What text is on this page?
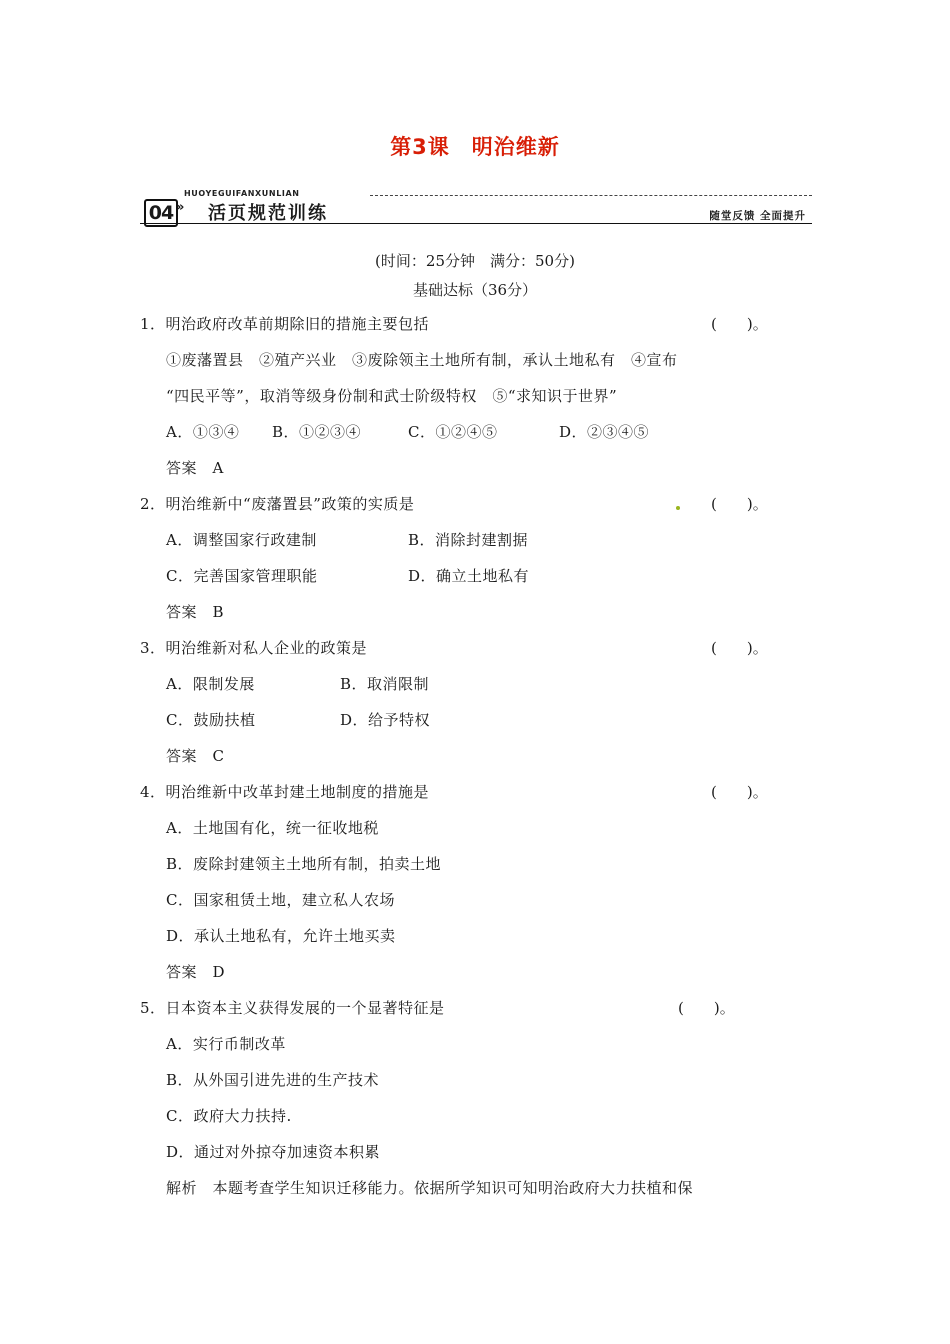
第3课　明治维新
HUOYEGUIFANXUNLIAN
04 » 活页规范训练	随堂反馈 全面提升
(时间：25分钟　满分：50分)
基础达标（36分）
1．明治政府改革前期除旧的措施主要包括	(　　)。
①废藩置县　②殖产兴业　③废除领主土地所有制，承认土地私有　④宣布
“四民平等”，取消等级身份制和武士阶级特权　⑤“求知识于世界”
A．①③④ B．①②③④	C．①②④⑤	D．②③④⑤
答案　A
2．明治维新中“废藩置县”政策的实质是	(　　)。
A．调整国家行政建制	B．消除封建割据
C．完善国家管理职能	D．确立土地私有
答案　B
3．明治维新对私人企业的政策是	(　　)。
A．限制发展	B．取消限制
C．鼓励扶植	D．给予特权
答案　C
4．明治维新中改革封建土地制度的措施是	(　　)。
A．土地国有化，统一征收地税
B．废除封建领主土地所有制，拍卖土地
C．国家租赁土地，建立私人农场
D．承认土地私有，允许土地买卖
答案　D
5．日本资本主义获得发展的一个显著特征是	(　　)。
A．实行币制改革
B．从外国引进先进的生产技术
C．政府大力扶持.
D．通过对外掠夺加速资本积累
解析　本题考查学生知识迁移能力。依据所学知识可知明治政府大力扶植和保
